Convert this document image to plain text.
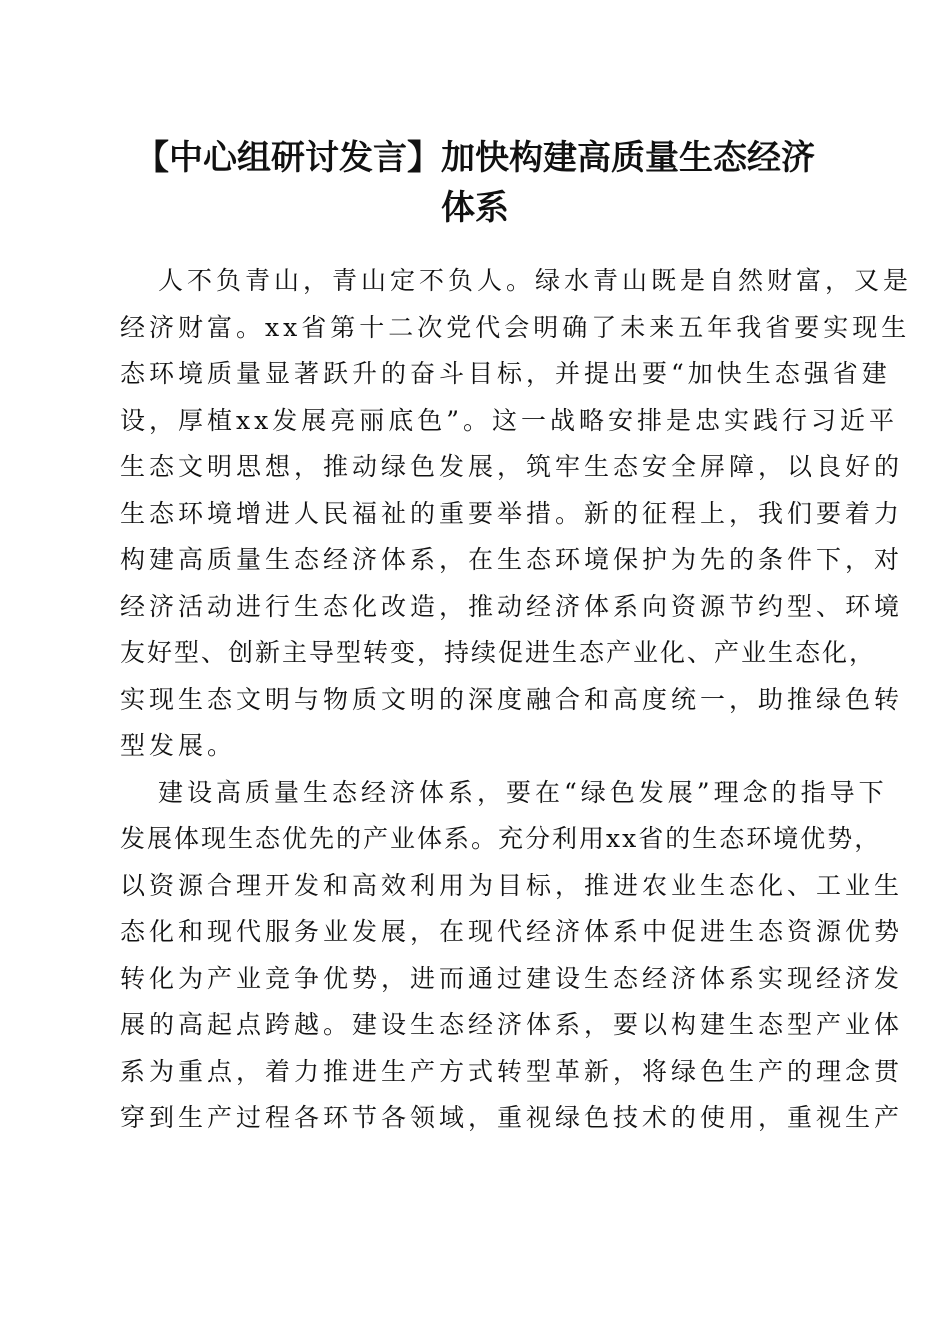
【中心组研讨发言】加快构建高质量生态经济
体系
人不负青山，青山定不负人。绿水青山既是自然财富，又是
经济财富。xx省第十二次党代会明确了未来五年我省要实现生
态环境质量显著跃升的奋斗目标，并提出要“加快生态强省建
设，厚植xx发展亮丽底色”。这一战略安排是忠实践行习近平
生态文明思想，推动绿色发展，筑牢生态安全屏障，以良好的
生态环境增进人民福祉的重要举措。新的征程上，我们要着力
构建高质量生态经济体系，在生态环境保护为先的条件下，对
经济活动进行生态化改造，推动经济体系向资源节约型、环境
友好型、创新主导型转变，持续促进生态产业化、产业生态化，
实现生态文明与物质文明的深度融合和高度统一，助推绿色转
型发展。
建设高质量生态经济体系，要在“绿色发展”理念的指导下
发展体现生态优先的产业体系。充分利用xx省的生态环境优势，
以资源合理开发和高效利用为目标，推进农业生态化、工业生
态化和现代服务业发展，在现代经济体系中促进生态资源优势
转化为产业竞争优势，进而通过建设生态经济体系实现经济发
展的高起点跨越。建设生态经济体系，要以构建生态型产业体
系为重点，着力推进生产方式转型革新，将绿色生产的理念贯
穿到生产过程各环节各领域，重视绿色技术的使用，重视生产
